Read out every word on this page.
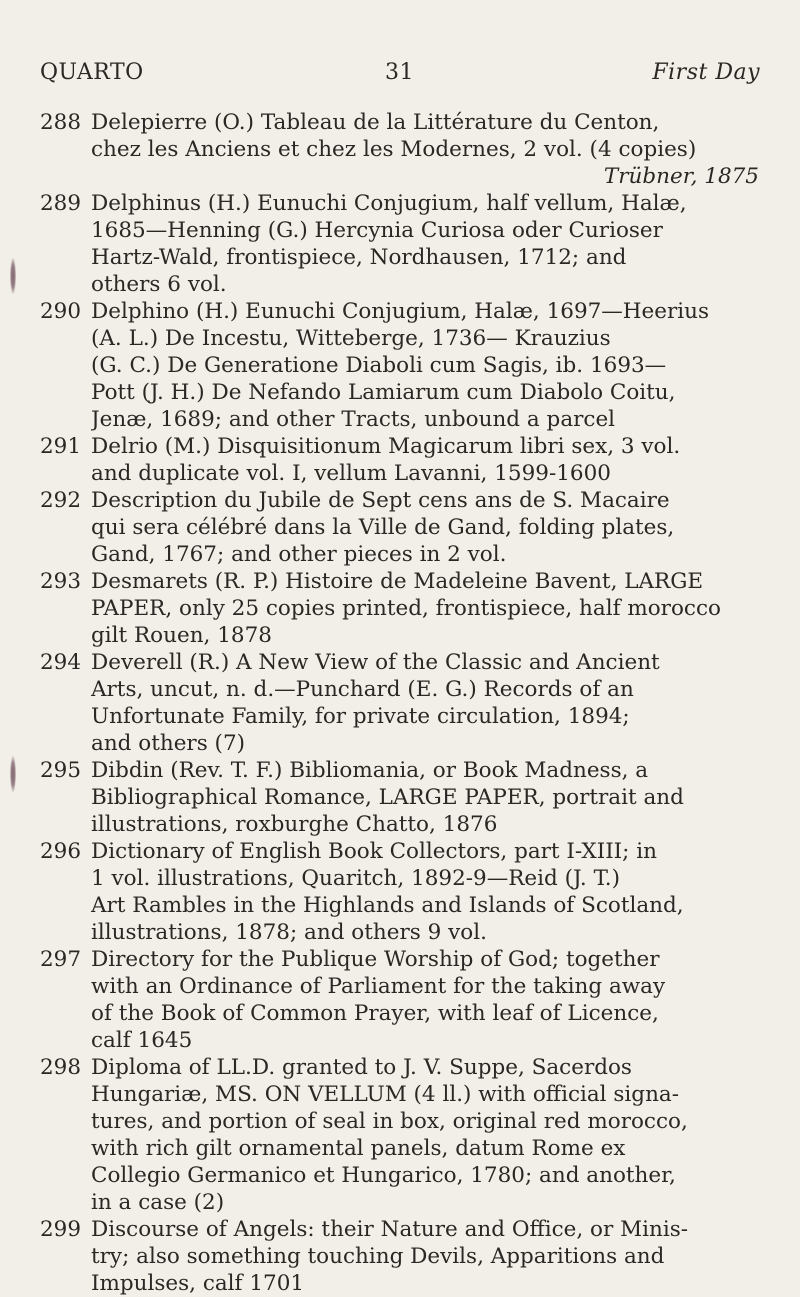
QUARTO	31	First Day
288 Delepierre (O.) Tableau de la Littérature du Centon,
chez les Anciens et chez les Modernes, 2 vol. (4 copies)
Trübner, 1875
289 Delphinus (H.) Eunuchi Conjugium, half vellum, Halæ,
1685—Henning (G.) Hercynia Curiosa oder Curioser
Hartz-Wald, frontispiece, Nordhausen, 1712; and
others 6 vol.
290 Delphino (H.) Eunuchi Conjugium, Halæ, 1697—Heerius
(A. L.) De Incestu, Witteberge, 1736— Krauzius
(G. C.) De Generatione Diaboli cum Sagis, ib. 1693—
Pott (J. H.) De Nefando Lamiarum cum Diabolo Coitu,
Jenæ, 1689; and other Tracts, unbound a parcel
291 Delrio (M.) Disquisitionum Magicarum libri sex, 3 vol.
and duplicate vol. I, vellum Lavanni, 1599-1600
292 Description du Jubile de Sept cens ans de S. Macaire
qui sera célébré dans la Ville de Gand, folding plates,
Gand, 1767; and other pieces in 2 vol.
293 Desmarets (R. P.) Histoire de Madeleine Bavent, LARGE
PAPER, only 25 copies printed, frontispiece, half morocco
gilt Rouen, 1878
294 Deverell (R.) A New View of the Classic and Ancient
Arts, uncut, n. d.—Punchard (E. G.) Records of an
Unfortunate Family, for private circulation, 1894;
and others (7)
295 Dibdin (Rev. T. F.) Bibliomania, or Book Madness, a
Bibliographical Romance, LARGE PAPER, portrait and
illustrations, roxburghe Chatto, 1876
296 Dictionary of English Book Collectors, part I-XIII; in
1 vol. illustrations, Quaritch, 1892-9—Reid (J. T.)
Art Rambles in the Highlands and Islands of Scotland,
illustrations, 1878; and others 9 vol.
297 Directory for the Publique Worship of God; together
with an Ordinance of Parliament for the taking away
of the Book of Common Prayer, with leaf of Licence,
calf 1645
298 Diploma of LL.D. granted to J. V. Suppe, Sacerdos
Hungariæ, MS. ON VELLUM (4 ll.) with official signa-
tures, and portion of seal in box, original red morocco,
with rich gilt ornamental panels, datum Rome ex
Collegio Germanico et Hungarico, 1780; and another,
in a case (2)
299 Discourse of Angels: their Nature and Office, or Minis-
try; also something touching Devils, Apparitions and
Impulses, calf 1701
